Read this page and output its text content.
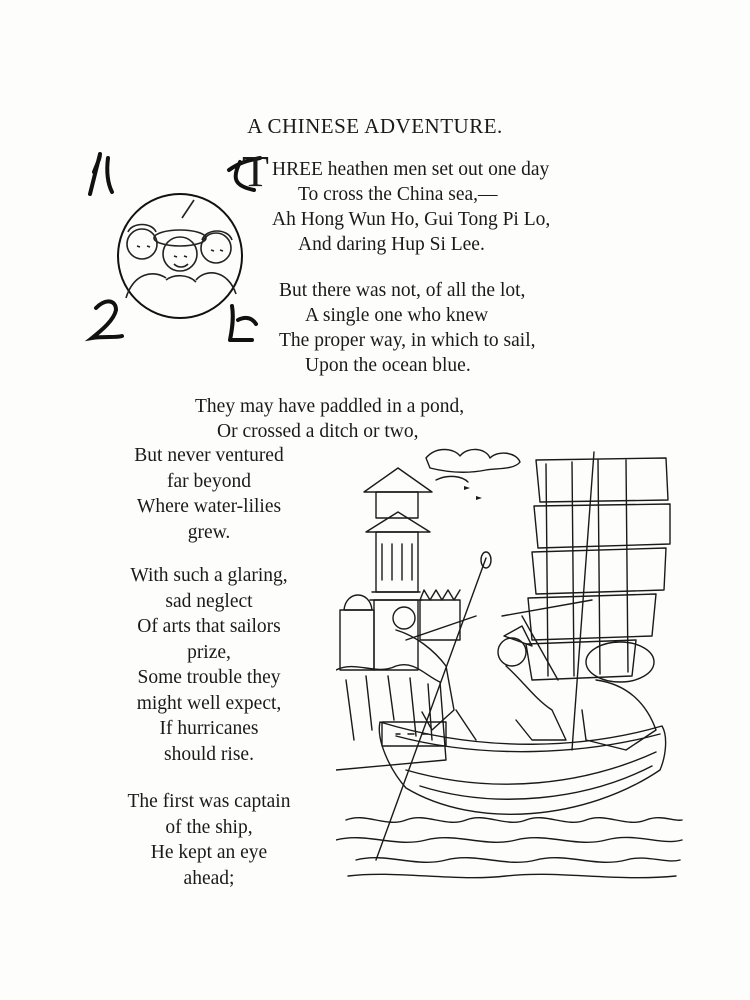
A CHINESE ADVENTURE.
T HREE heathen men set out one day
To cross the China sea,—
Ah Hong Wun Ho, Gui Tong Pi Lo,
And daring Hup Si Lee.
But there was not, of all the lot,
A single one who knew
The proper way, in which to sail,
Upon the ocean blue.
They may have paddled in a pond,
Or crossed a ditch or two,
But never ventured
far beyond
Where water-lilies
grew.
With such a glaring,
sad neglect
Of arts that sailors
prize,
Some trouble they
might well expect,
If hurricanes
should rise.
The first was captain
of the ship,
He kept an eye
ahead;
